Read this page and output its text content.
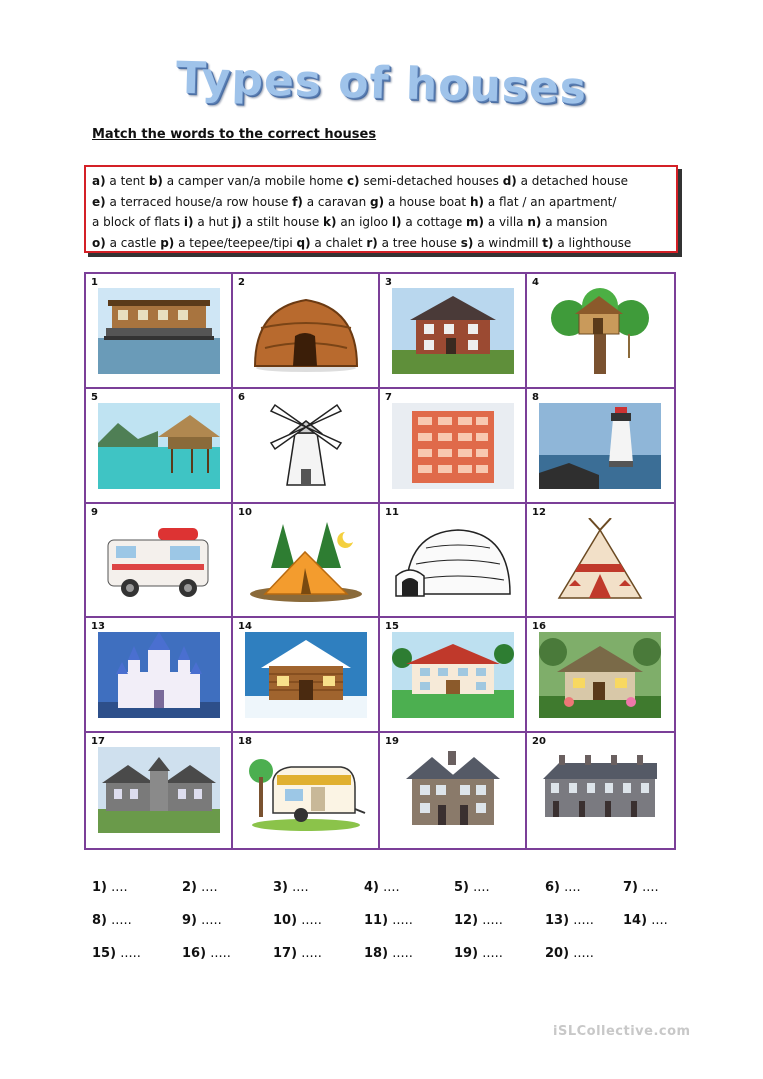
Types of houses
Match the words to the correct houses
a) a tent b) a camper van/a mobile home c) semi-detached houses d) a detached house
e) a terraced house/a row house f) a caravan g) a house boat h) a flat / an apartment/
a block of flats i) a hut j) a stilt house k) an igloo l) a cottage m) a villa n) a mansion
o) a castle p) a tepee/teepee/tipi q) a chalet r) a tree house s) a windmill t) a lighthouse
1	2	3	4
5	6	7	8
9	10	11	12
13	14	15	16
17	18	19	20
1) ....	2) ....	3) ....	4) ....	5) ....	6) ....	7) ....
8) .....	9) .....	10) .....	11) .....	12) .....	13) ..... 14) ....
15) .....	16) .....	17) .....	18) .....	19) .....	20) .....
iSLCollective.com
